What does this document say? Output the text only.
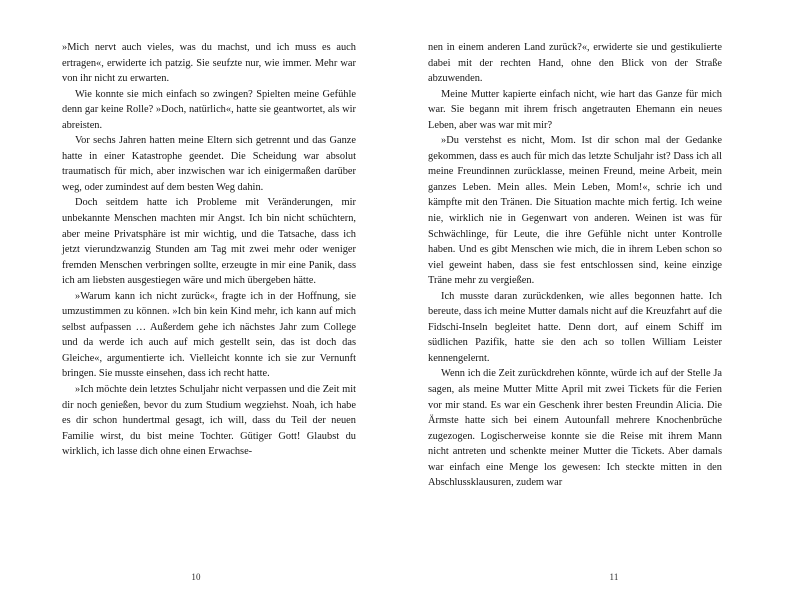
»Mich nervt auch vieles, was du machst, und ich muss es auch ertragen«, erwiderte ich patzig. Sie seufzte nur, wie immer. Mehr war von ihr nicht zu erwarten.

Wie konnte sie mich einfach so zwingen? Spielten meine Gefühle denn gar keine Rolle? »Doch, natürlich«, hatte sie geantwortet, als wir abreisten.

Vor sechs Jahren hatten meine Eltern sich getrennt und das Ganze hatte in einer Katastrophe geendet. Die Scheidung war absolut traumatisch für mich, aber inzwischen war ich einigermaßen darüber weg, oder zumindest auf dem besten Weg dahin.

Doch seitdem hatte ich Probleme mit Veränderungen, mir unbekannte Menschen machten mir Angst. Ich bin nicht schüchtern, aber meine Privatsphäre ist mir wichtig, und die Tatsache, dass ich jetzt vierundzwanzig Stunden am Tag mit zwei mehr oder weniger fremden Menschen verbringen sollte, erzeugte in mir eine Panik, dass ich am liebsten ausgestiegen wäre und mich übergeben hätte.

»Warum kann ich nicht zurück«, fragte ich in der Hoffnung, sie umzustimmen zu können. »Ich bin kein Kind mehr, ich kann auf mich selbst aufpassen … Außerdem gehe ich nächstes Jahr zum College und da werde ich auch auf mich gestellt sein, das ist doch das Gleiche«, argumentierte ich. Vielleicht konnte ich sie zur Vernunft bringen. Sie musste einsehen, dass ich recht hatte.

»Ich möchte dein letztes Schuljahr nicht verpassen und die Zeit mit dir noch genießen, bevor du zum Studium wegziehst. Noah, ich habe es dir schon hundertmal gesagt, ich will, dass du Teil der neuen Familie wirst, du bist meine Tochter. Gütiger Gott! Glaubst du wirklich, ich lasse dich ohne einen Erwachse-

10

nen in einem anderen Land zurück?«, erwiderte sie und gestikulierte dabei mit der rechten Hand, ohne den Blick von der Straße abzuwenden.

Meine Mutter kapierte einfach nicht, wie hart das Ganze für mich war. Sie begann mit ihrem frisch angetrauten Ehemann ein neues Leben, aber was war mit mir?

»Du verstehst es nicht, Mom. Ist dir schon mal der Gedanke gekommen, dass es auch für mich das letzte Schuljahr ist? Dass ich all meine Freundinnen zurücklasse, meinen Freund, meine Arbeit, mein ganzes Leben. Mein alles. Mein Leben, Mom!«, schrie ich und kämpfte mit den Tränen. Die Situation machte mich fertig. Ich weine nie, wirklich nie in Gegenwart von anderen. Weinen ist was für Schwächlinge, für Leute, die ihre Gefühle nicht unter Kontrolle haben. Und es gibt Menschen wie mich, die in ihrem Leben schon so viel geweint haben, dass sie fest entschlossen sind, keine einzige Träne mehr zu vergießen.

Ich musste daran zurückdenken, wie alles begonnen hatte. Ich bereute, dass ich meine Mutter damals nicht auf die Kreuzfahrt auf die Fidschi-Inseln begleitet hatte. Denn dort, auf einem Schiff im südlichen Pazifik, hatte sie den ach so tollen William Leister kennengelernt.

Wenn ich die Zeit zurückdrehen könnte, würde ich auf der Stelle Ja sagen, als meine Mutter Mitte April mit zwei Tickets für die Ferien vor mir stand. Es war ein Geschenk ihrer besten Freundin Alicia. Die Ärmste hatte sich bei einem Autounfall mehrere Knochenbrüche zugezogen. Logischerweise konnte sie die Reise mit ihrem Mann nicht antreten und schenkte meiner Mutter die Tickets. Aber damals war einfach eine Menge los gewesen: Ich steckte mitten in den Abschlussklausuren, zudem war

11
